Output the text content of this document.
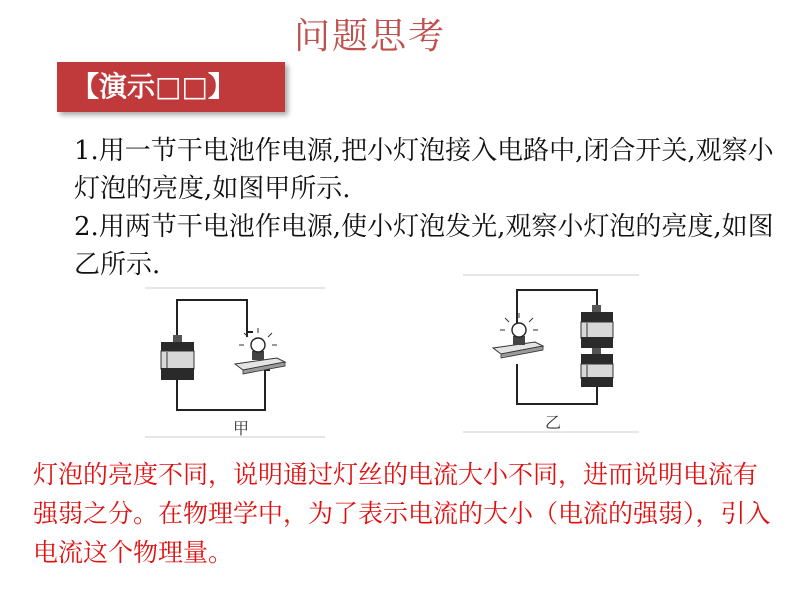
问题思考
【演示□□】

1.用一节干电池作电源,把小灯泡接入电路中,闭合开关,观察小灯泡的亮度,如图甲所示.

2.用两节干电池作电源,使小灯泡发光,观察小灯泡的亮度,如图乙所示.

甲	乙
灯泡的亮度不同，说明通过灯丝的电流大小不同，进而说明电流有强弱之分。在物理学中，为了表示电流的大小（电流的强弱），引入电流这个物理量。
